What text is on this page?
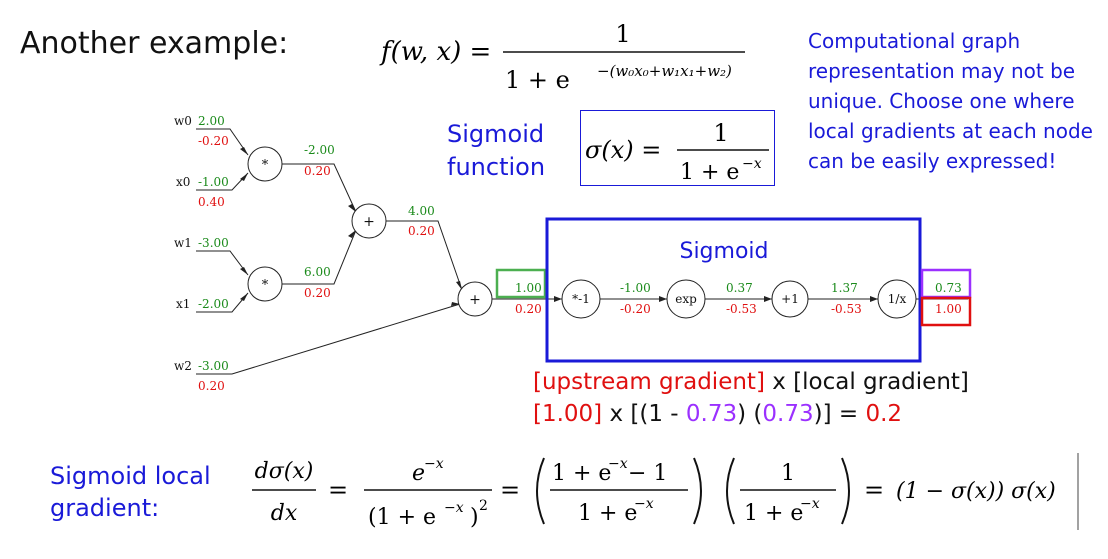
Another example:	f(w, x) =
1
1 + e −(w₀x₀+w₁x₁+w₂)
Computational graph representation may not be unique. Choose one where local gradients at each node can be easily expressed!
Sigmoid
function
σ(x) =
1
1 + e −x
w0 2.00
-0.20
x0 -1.00
0.40
w1 -3.00
x1 -2.00
w2 -3.00
0.20
-2.00
0.20
6.00
0.20
4.00
0.20
*
*
+
+	*-1	exp	+1	1/x
Sigmoid
1.00
0.20
-1.00
-0.20
0.37
-0.53
1.37
-0.53
0.73
1.00
[upstream gradient] x [local gradient]
[1.00] x [(1 - 0.73) (0.73)] = 0.2
Sigmoid local
gradient:
dσ(x)
dx
=
e
−x
(1 + e −x ) 2
=
1 + e
−x − 1
1 + e
−x
1
1 + e
−x = (1 − σ(x)) σ(x)
